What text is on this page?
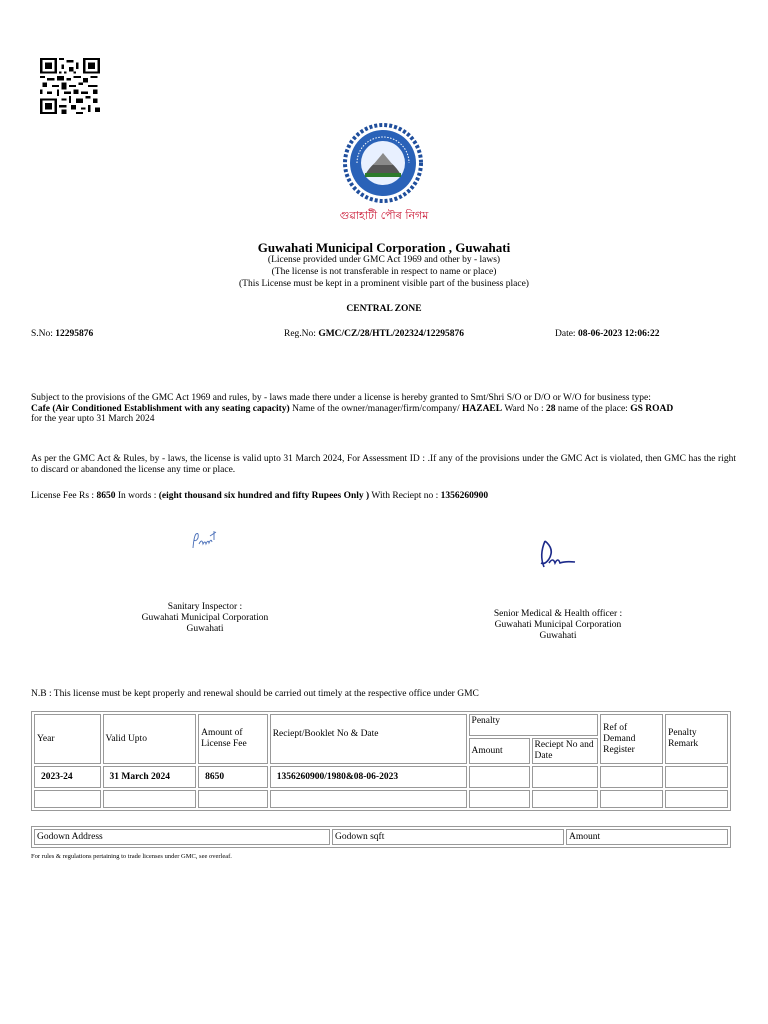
গুৱাহাটী পৌৰ নিগম
Guwahati Municipal Corporation , Guwahati
(License provided under GMC Act 1969 and other by - laws)
(The license is not transferable in respect to name or place)
(This License must be kept in a prominent visible part of the business place)
CENTRAL ZONE
S.No: 12295876	Reg.No: GMC/CZ/28/HTL/202324/12295876	Date: 08-06-2023 12:06:22
Subject to the provisions of the GMC Act 1969 and rules, by - laws made there under a license is hereby granted to Smt/Shri S/O or D/O or W/O for business type:
Cafe (Air Conditioned Establishment with any seating capacity) Name of the owner/manager/firm/company/ HAZAEL Ward No : 28 name of the place: GS ROAD
for the year upto 31 March 2024
As per the GMC Act & Rules, by - laws, the license is valid upto 31 March 2024, For Assessment ID : .If any of the provisions under the GMC Act is violated, then GMC has the right to discard or abandoned the license any time or place.
License Fee Rs : 8650 In words : (eight thousand six hundred and fifty Rupees Only ) With Reciept no : 1356260900
Sanitary Inspector :
Guwahati Municipal Corporation
Guwahati
Senior Medical & Health officer :
Guwahati Municipal Corporation
Guwahati
N.B : This license must be kept properly and renewal should be carried out timely at the respective office under GMC
Year	Valid Upto	Amount of License Fee	Reciept/Booklet No & Date	Penalty		Ref of Demand Register	Penalty Remark
				Amount	Reciept No and Date		
2023-24	31 March 2024	8650	1356260900/1980&08-06-2023				

Godown Address	Godown sqft	Amount
For rules & regulations pertaining to trade licenses under GMC, see overleaf.
